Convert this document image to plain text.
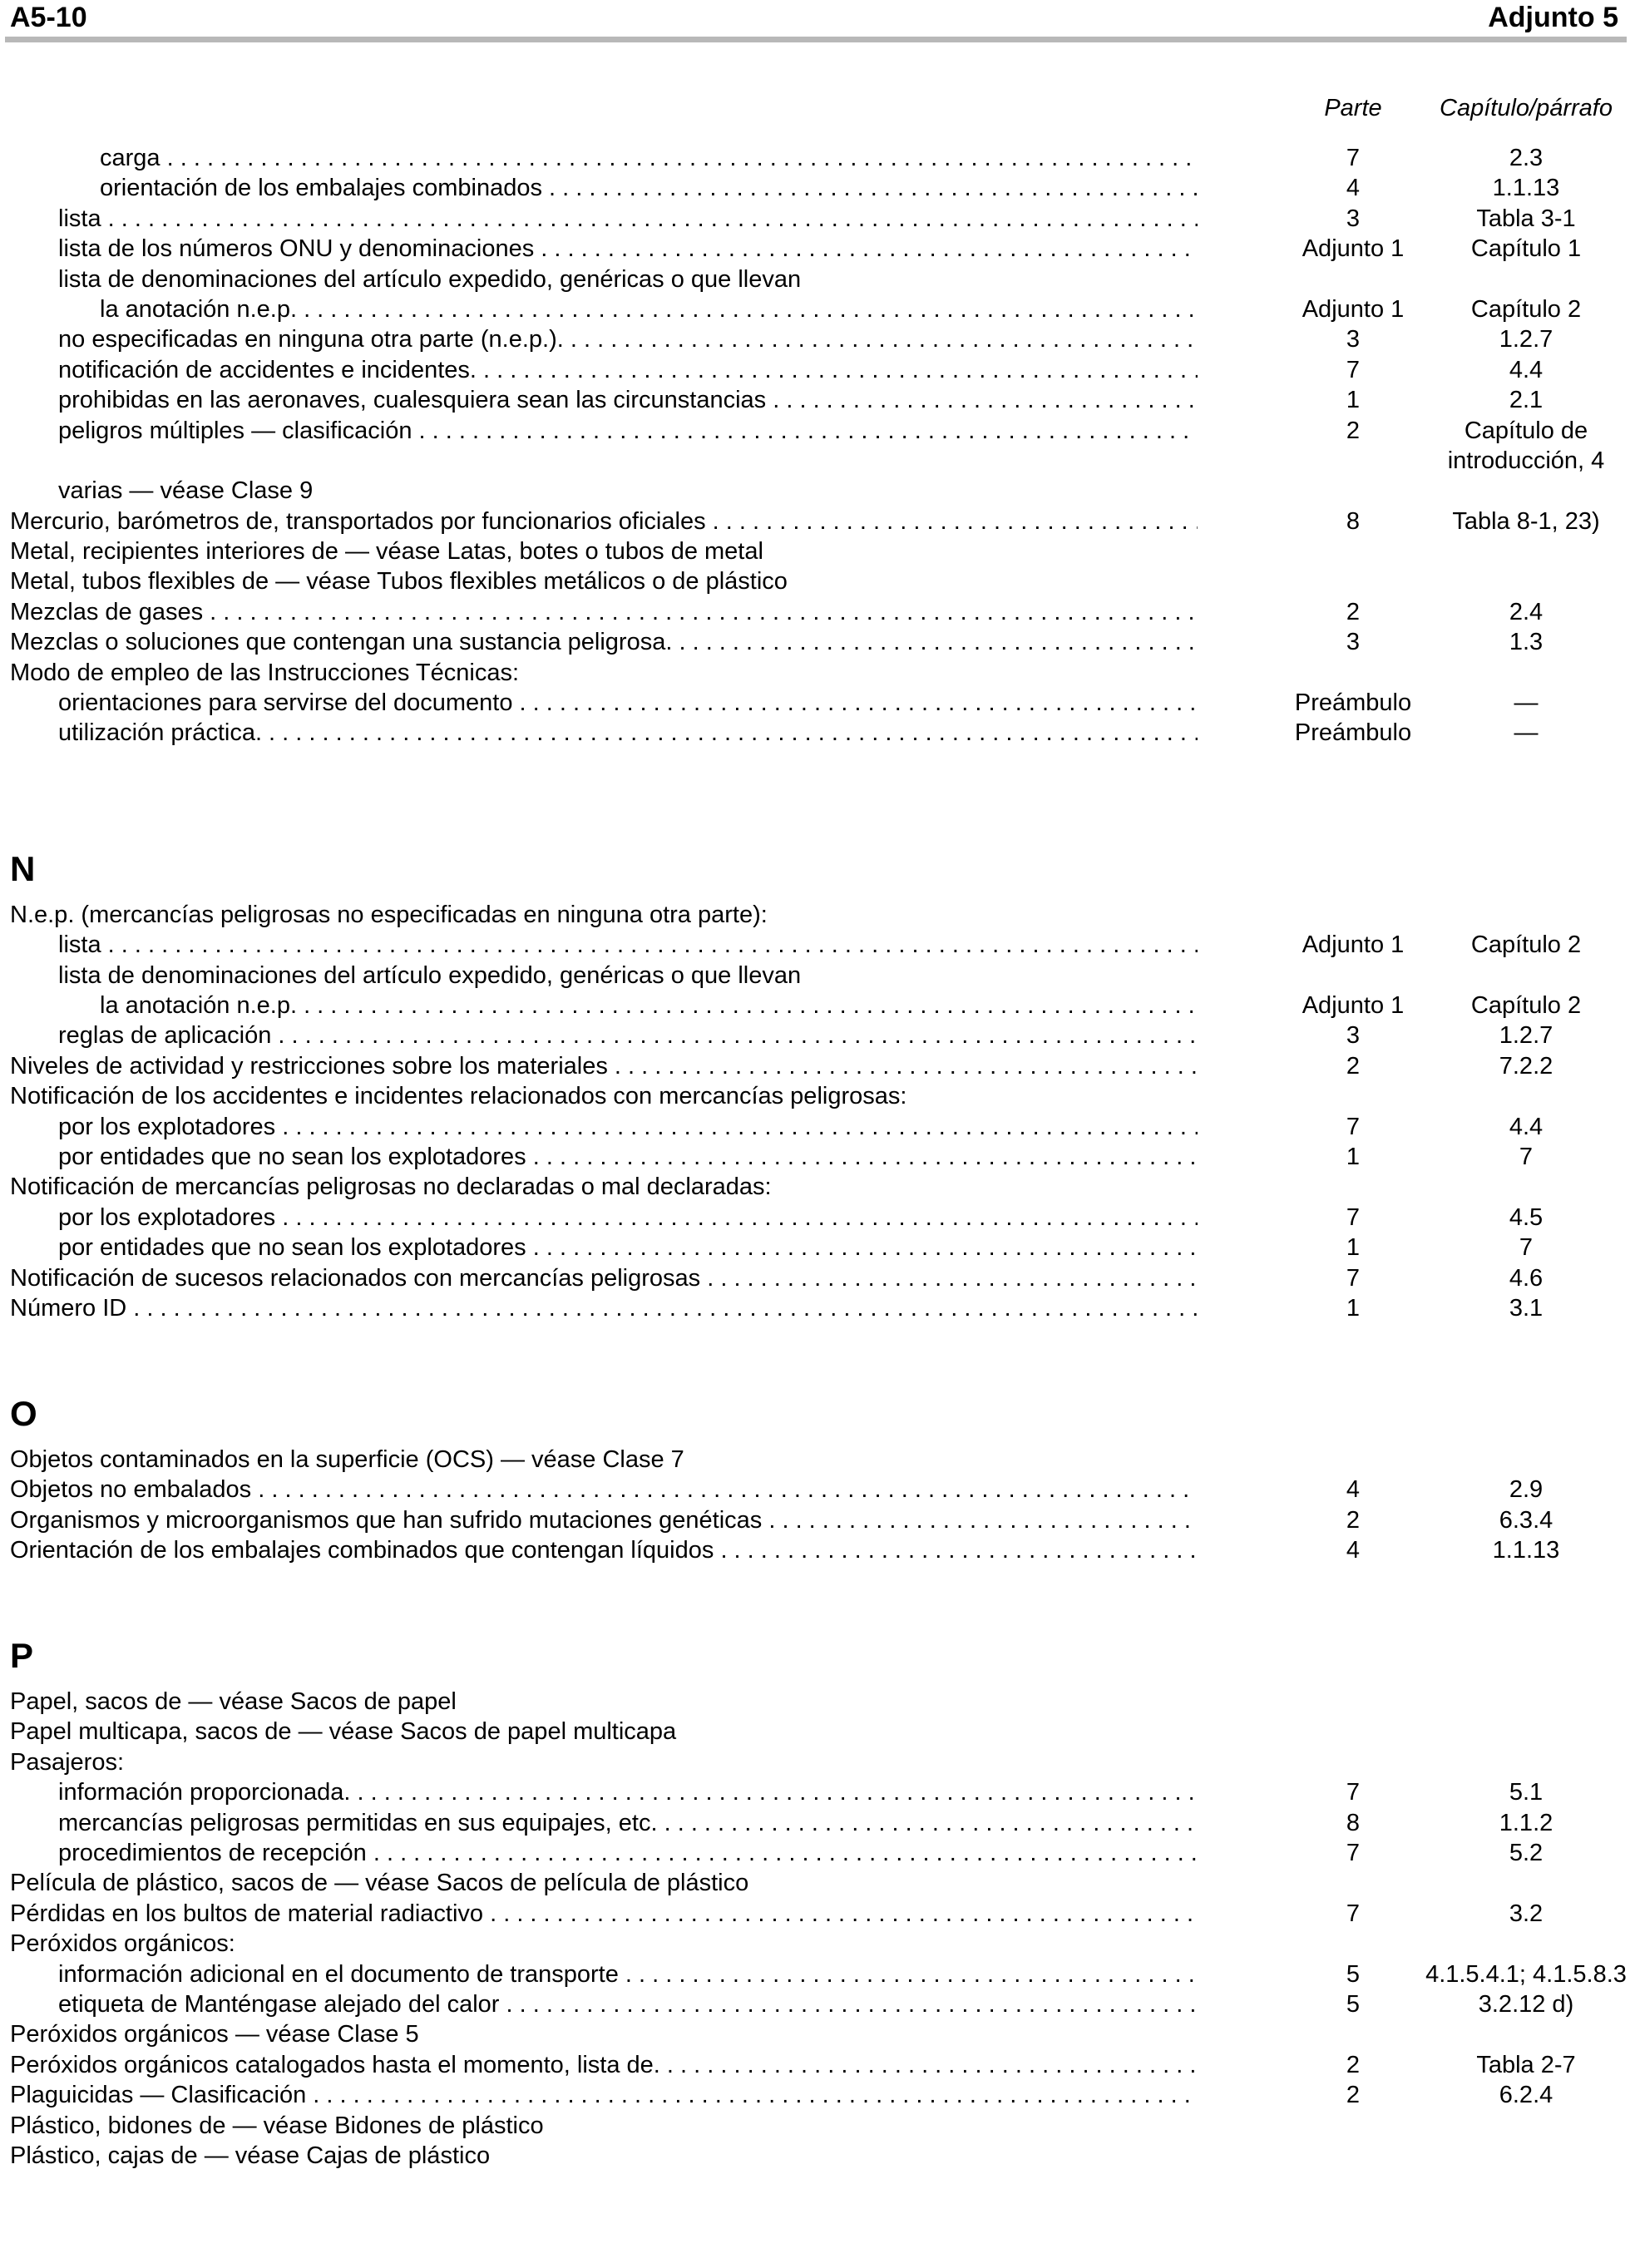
A5-10	Adjunto 5
Parte	Capítulo/párrafo
carga . . .	7	2.3
orientación de los embalajes combinados . . .	4	1.1.13
lista . . .	3	Tabla 3-1
lista de los números ONU y denominaciones . . .	Adjunto 1	Capítulo 1
lista de denominaciones del artículo expedido, genéricas o que llevan
la anotación n.e.p. . . .	Adjunto 1	Capítulo 2
no especificadas en ninguna otra parte (n.e.p.). . . .	3	1.2.7
notificación de accidentes e incidentes. . . .	7	4.4
prohibidas en las aeronaves, cualesquiera sean las circunstancias . . .	1	2.1
peligros múltiples — clasificación . . .	2	Capítulo de introducción, 4
varias — véase Clase 9
Mercurio, barómetros de, transportados por funcionarios oficiales . . .	8	Tabla 8-1, 23)
Metal, recipientes interiores de — véase Latas, botes o tubos de metal
Metal, tubos flexibles de — véase Tubos flexibles metálicos o de plástico
Mezclas de gases . . .	2	2.4
Mezclas o soluciones que contengan una sustancia peligrosa. . . .	3	1.3
Modo de empleo de las Instrucciones Técnicas:
orientaciones para servirse del documento . . .	Preámbulo	—
utilización práctica. . . .	Preámbulo	—
N
N.e.p. (mercancías peligrosas no especificadas en ninguna otra parte):
lista . . .	Adjunto 1	Capítulo 2
lista de denominaciones del artículo expedido, genéricas o que llevan
la anotación n.e.p. . . .	Adjunto 1	Capítulo 2
reglas de aplicación . . .	3	1.2.7
Niveles de actividad y restricciones sobre los materiales . . .	2	7.2.2
Notificación de los accidentes e incidentes relacionados con mercancías peligrosas:
por los explotadores . . .	7	4.4
por entidades que no sean los explotadores . . .	1	7
Notificación de mercancías peligrosas no declaradas o mal declaradas:
por los explotadores . . .	7	4.5
por entidades que no sean los explotadores . . .	1	7
Notificación de sucesos relacionados con mercancías peligrosas . . .	7	4.6
Número ID . . .	1	3.1
O
Objetos contaminados en la superficie (OCS) — véase Clase 7
Objetos no embalados . . .	4	2.9
Organismos y microorganismos que han sufrido mutaciones genéticas . . .	2	6.3.4
Orientación de los embalajes combinados que contengan líquidos . . .	4	1.1.13
P
Papel, sacos de — véase Sacos de papel
Papel multicapa, sacos de — véase Sacos de papel multicapa
Pasajeros:
información proporcionada. . . .	7	5.1
mercancías peligrosas permitidas en sus equipajes, etc. . . .	8	1.1.2
procedimientos de recepción . . .	7	5.2
Película de plástico, sacos de — véase Sacos de película de plástico
Pérdidas en los bultos de material radiactivo . . .	7	3.2
Peróxidos orgánicos:
información adicional en el documento de transporte . . .	5	4.1.5.4.1; 4.1.5.8.3
etiqueta de Manténgase alejado del calor . . .	5	3.2.12 d)
Peróxidos orgánicos — véase Clase 5
Peróxidos orgánicos catalogados hasta el momento, lista de. . . .	2	Tabla 2-7
Plaguicidas — Clasificación . . .	2	6.2.4
Plástico, bidones de — véase Bidones de plástico
Plástico, cajas de — véase Cajas de plástico
